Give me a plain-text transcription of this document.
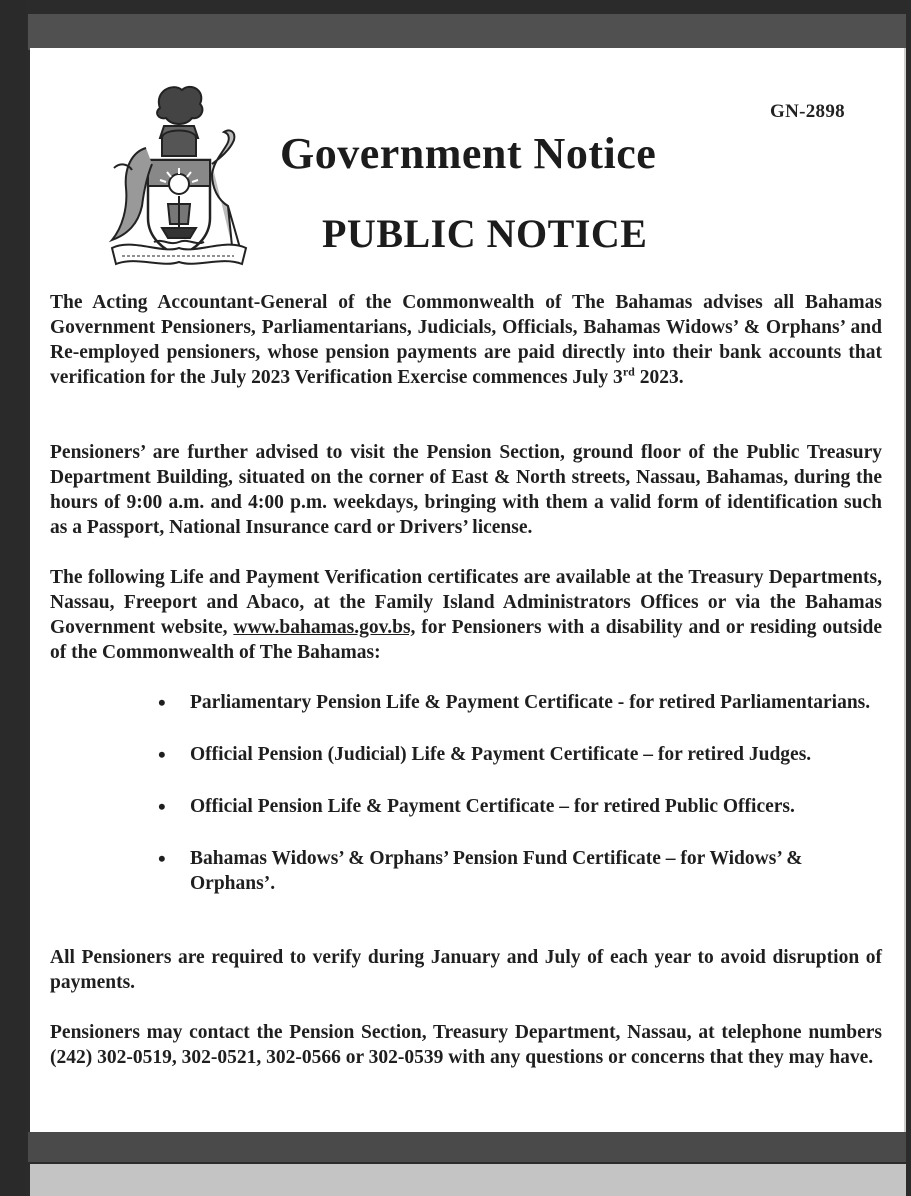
GN-2898
Government Notice
PUBLIC NOTICE

The Acting Accountant-General of the Commonwealth of The Bahamas advises all Bahamas Government Pensioners, Parliamentarians, Judicials, Officials, Bahamas Widows’ & Orphans’ and Re-employed pensioners, whose pension payments are paid directly into their bank accounts that verification for the July 2023 Verification Exercise commences July 3rd 2023.

Pensioners’ are further advised to visit the Pension Section, ground floor of the Public Treasury Department Building, situated on the corner of East & North streets, Nassau, Bahamas, during the hours of 9:00 a.m. and 4:00 p.m. weekdays, bringing with them a valid form of identification such as a Passport, National Insurance card or Drivers’ license.

The following Life and Payment Verification certificates are available at the Treasury Departments, Nassau, Freeport and Abaco, at the Family Island Administrators Offices or via the Bahamas Government website, www.bahamas.gov.bs, for Pensioners with a disability and or residing outside of the Commonwealth of The Bahamas:

• Parliamentary Pension Life & Payment Certificate - for retired Parliamentarians.
• Official Pension (Judicial) Life & Payment Certificate – for retired Judges.
• Official Pension Life & Payment Certificate – for retired Public Officers.
• Bahamas Widows’ & Orphans’ Pension Fund Certificate – for Widows’ & Orphans’.

All Pensioners are required to verify during January and July of each year to avoid disruption of payments.

Pensioners may contact the Pension Section, Treasury Department, Nassau, at telephone numbers (242) 302-0519, 302-0521, 302-0566 or 302-0539 with any questions or concerns that they may have.
